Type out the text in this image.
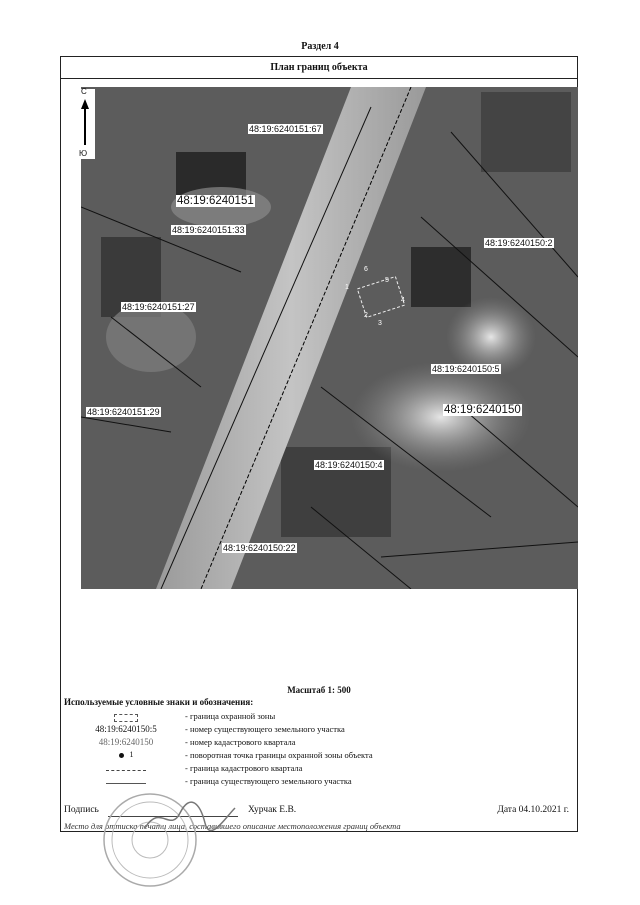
Раздел 4
План границ объекта
С
Ю
48:19:6240151:67
48:19:6240151
48:19:6240151:33
48:19:6240150:2
48:19:6240151:27
48:19:6240150:5
48:19:6240151:29	48:19:6240150
48:19:6240150:4
48:19:6240150:22
1
2
3
4
5
6
Масштаб 1: 500
Используемые условные знаки и обозначения:
- граница охранной зоны
48:19:6240150:5	- номер существующего земельного участка
48:19:6240150	- номер кадастрового квартала
1	- поворотная точка границы охранной зоны объекта
- граница кадастрового квартала
- граница существующего земельного участка
Подпись	Хурчак Е.В.	Дата 04.10.2021 г.
Место для оттиска печати лица, составившего описание местоположения границ объекта
